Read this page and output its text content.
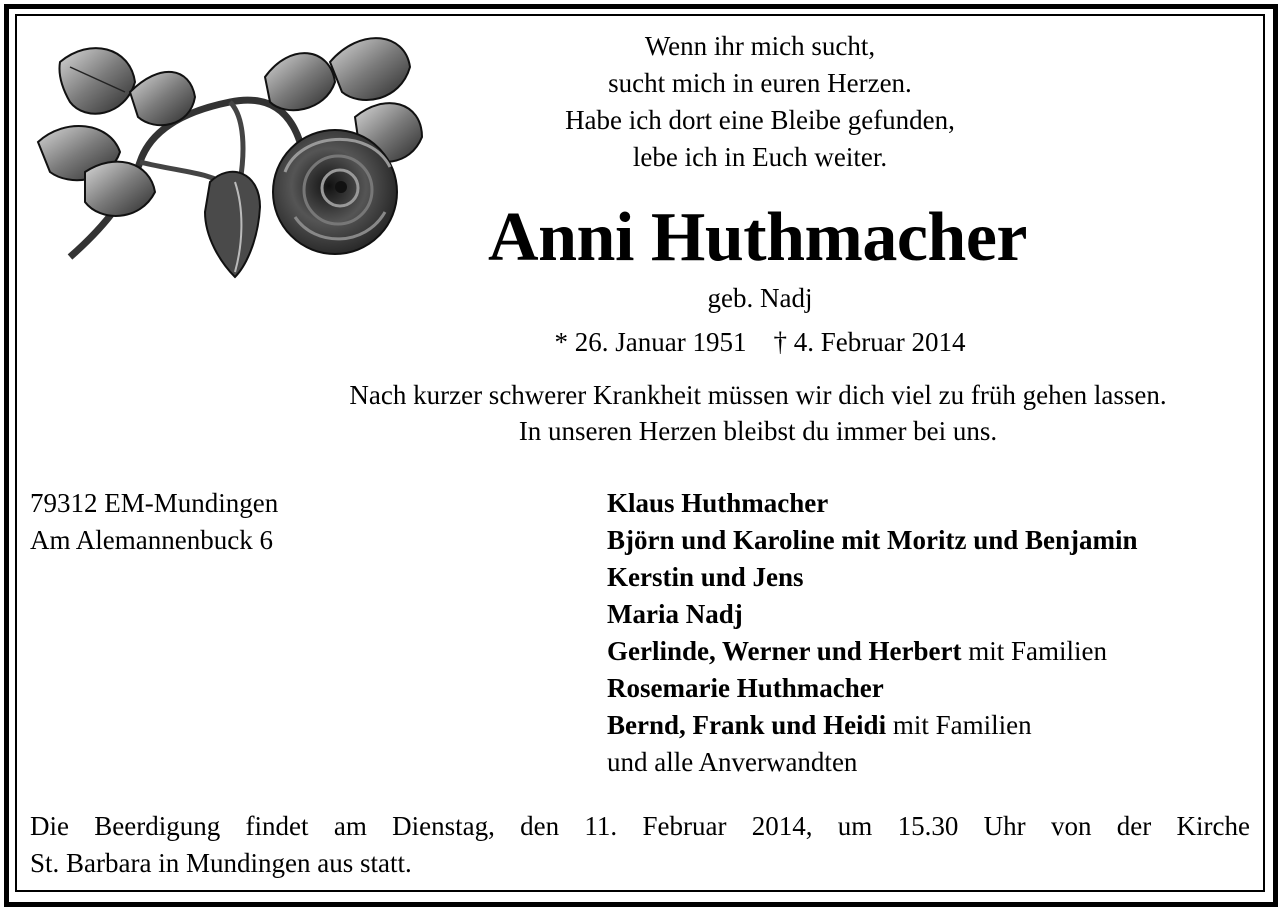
Wenn ihr mich sucht,
sucht mich in euren Herzen.
Habe ich dort eine Bleibe gefunden,
lebe ich in Euch weiter.
Anni Huthmacher
geb. Nadj
* 26. Januar 1951    † 4. Februar 2014
Nach kurzer schwerer Krankheit müssen wir dich viel zu früh gehen lassen.
In unseren Herzen bleibst du immer bei uns.
79312 EM-Mundingen
Am Alemannenbuck 6
Klaus Huthmacher
Björn und Karoline mit Moritz und Benjamin
Kerstin und Jens
Maria Nadj
Gerlinde, Werner und Herbert mit Familien
Rosemarie Huthmacher
Bernd, Frank und Heidi mit Familien
und alle Anverwandten
Die Beerdigung findet am Dienstag, den 11. Februar 2014, um 15.30 Uhr von der Kirche
St. Barbara in Mundingen aus statt.
